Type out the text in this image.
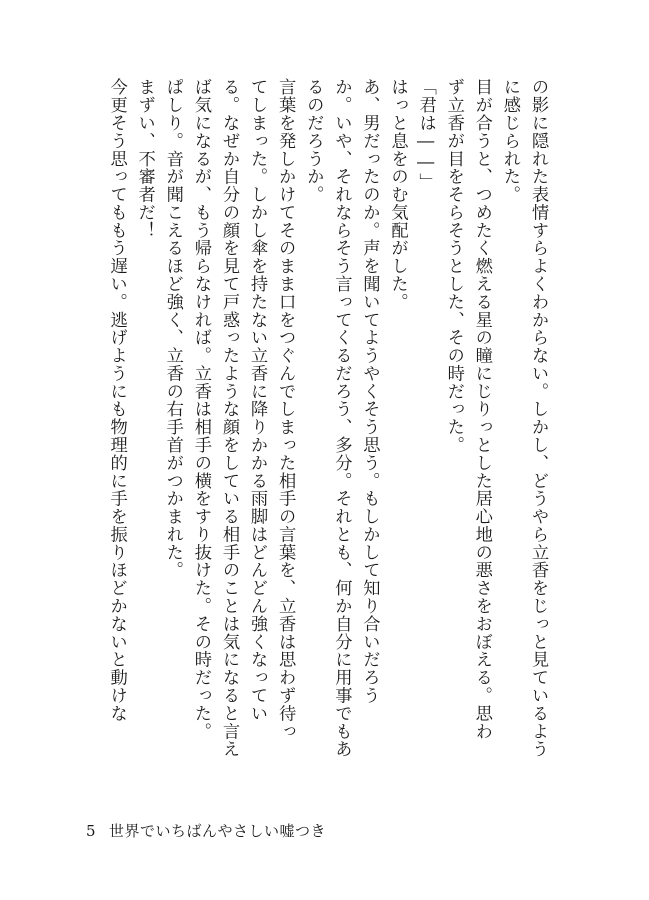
の影に隠れた表情すらよくわからない。しかし、どうやら立香をじっと見ているよう
に感じられた。
目が合うと、つめたく燃える星の瞳にじりっとした居心地の悪さをおぼえる。思わ
ず立香が目をそらそうとした、その時だった。
「君は――」
はっと息をのむ気配がした。
あ、男だったのか。声を聞いてようやくそう思う。もしかして知り合いだろう
か。いや、それならそう言ってくるだろう、多分。それとも、何か自分に用事でもあ
るのだろうか。
言葉を発しかけてそのまま口をつぐんでしまった相手の言葉を、立香は思わず待っ
てしまった。しかし傘を持たない立香に降りかかる雨脚はどんどん強くなってい
る。なぜか自分の顔を見て戸惑ったような顔をしている相手のことは気になると言え
ば気になるが、もう帰らなければ。立香は相手の横をすり抜けた。その時だった。
ぱしり。音が聞こえるほど強く、立香の右手首がつかまれた。
まずい、不審者だ！
今更そう思ってももう遅い。逃げようにも物理的に手を振りほどかないと動けな
5 世界でいちばんやさしい嘘つき
